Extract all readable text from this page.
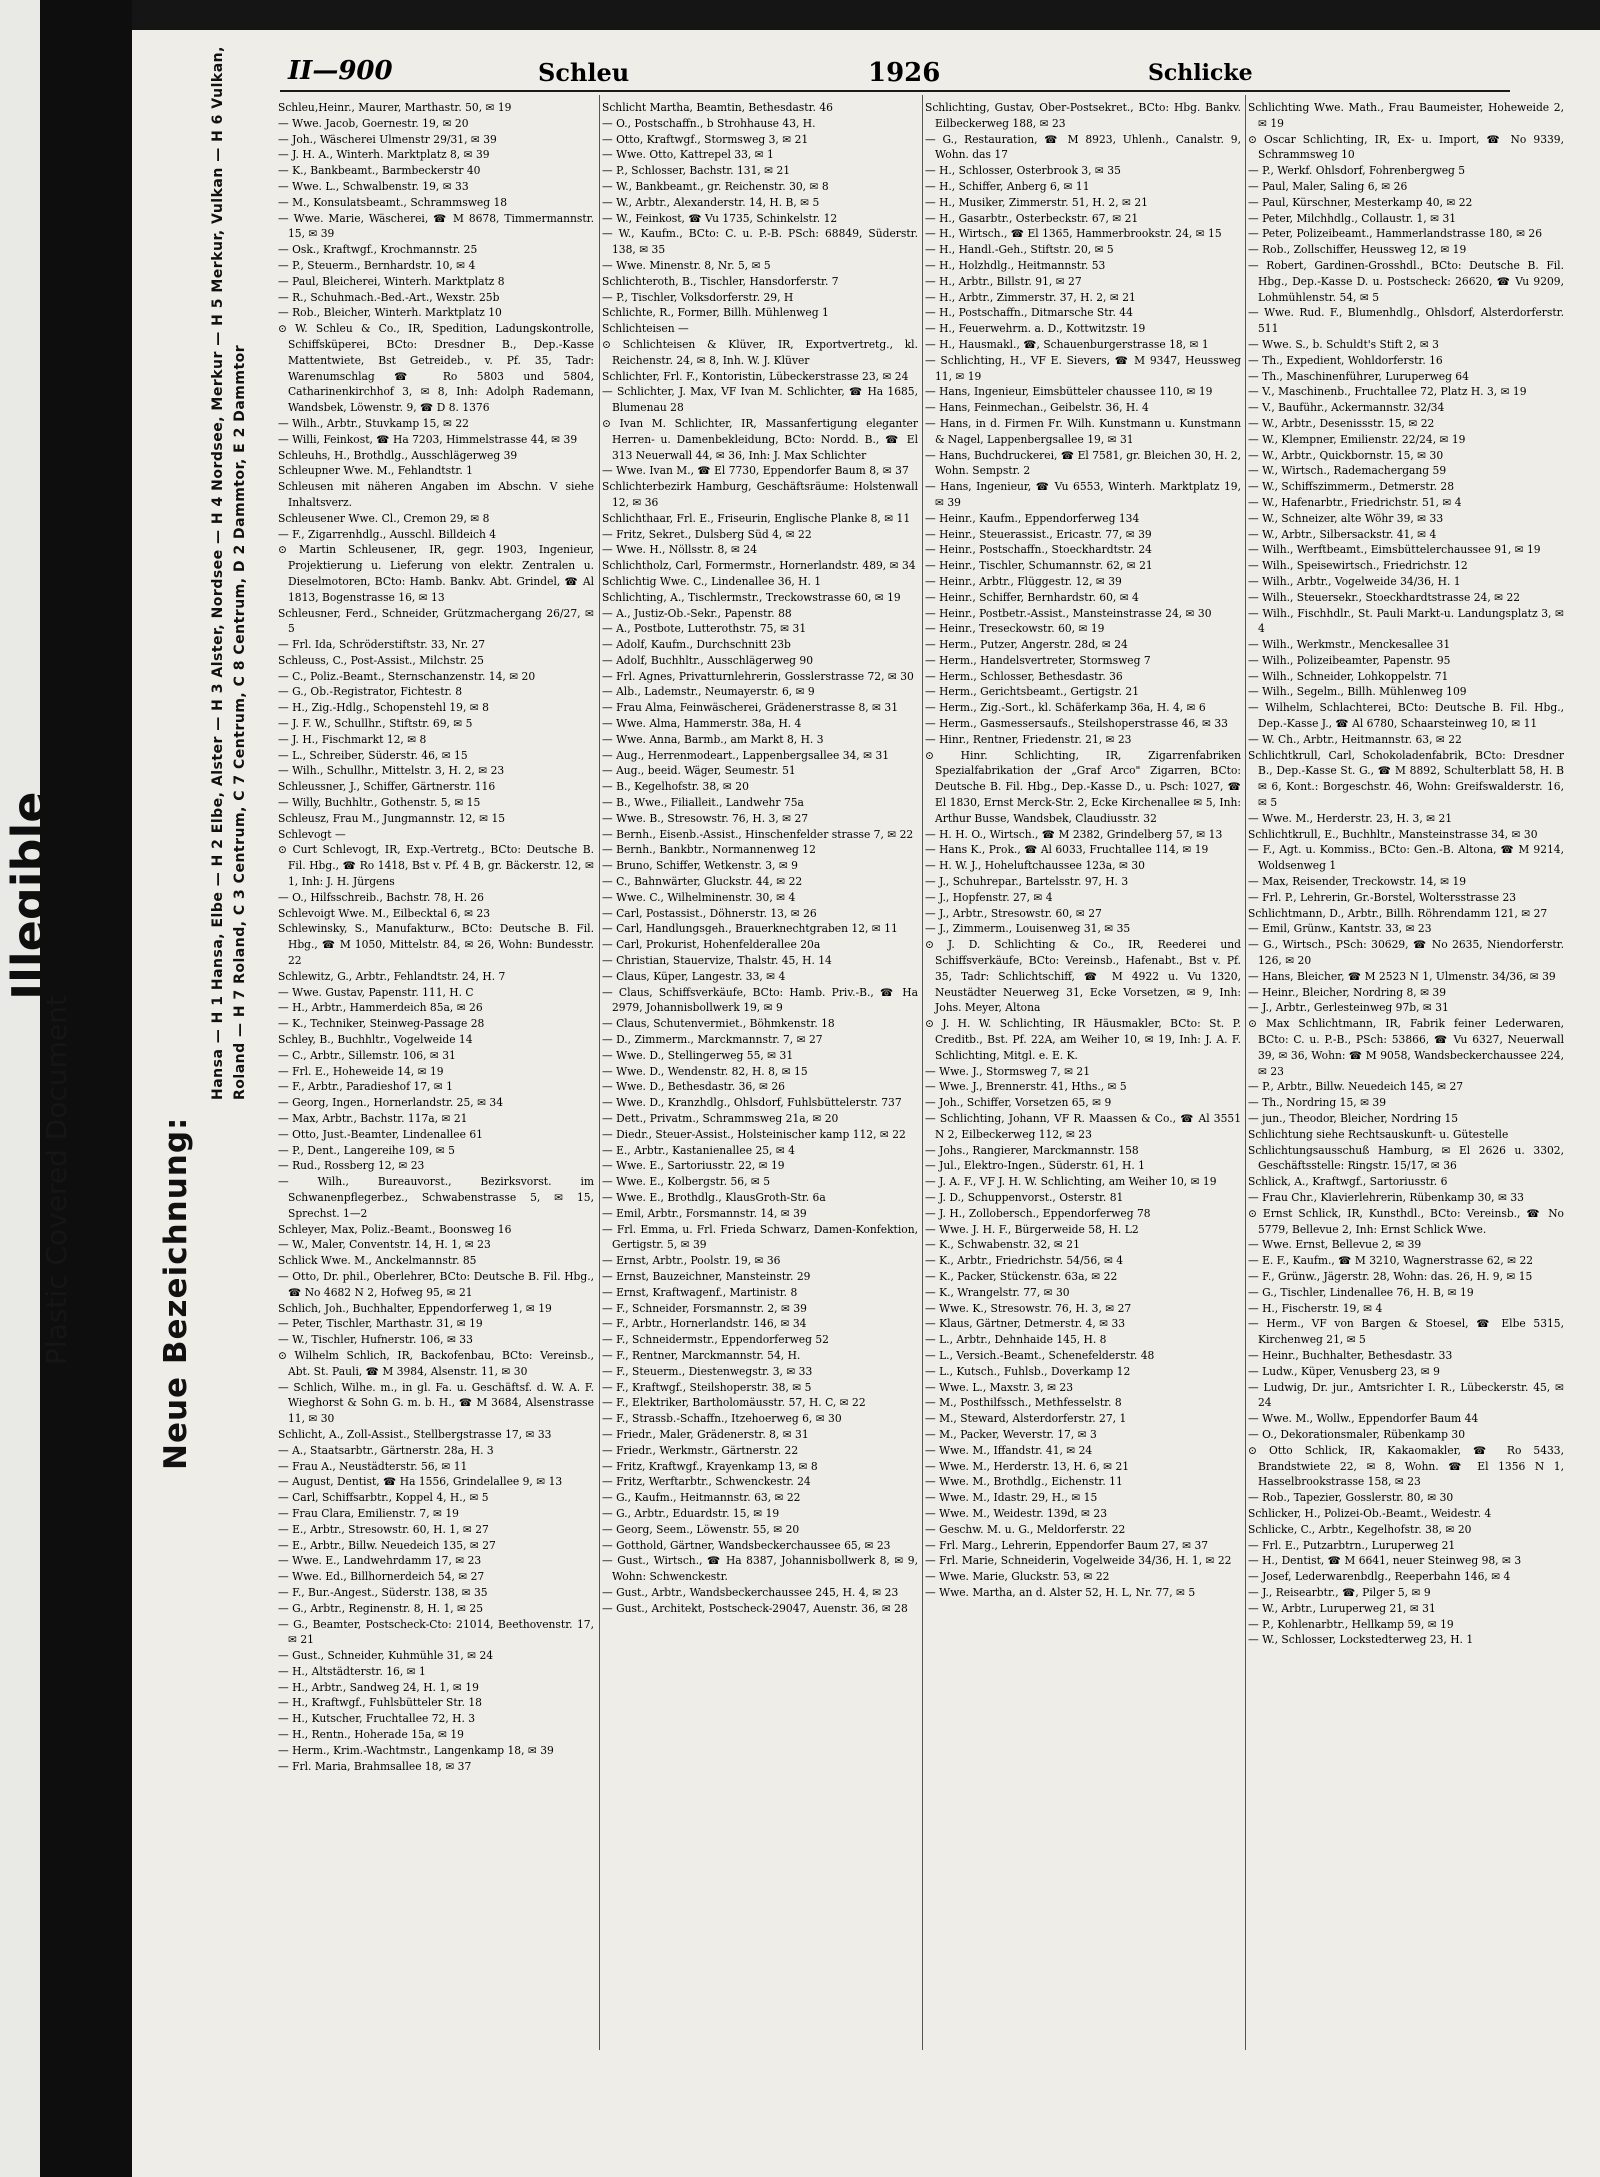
Illegible
Plastic Covered Document	Neue Bezeichnung:
Hansa — H 1 Hansa, Elbe — H 2 Elbe, Alster — H 3 Alster, Nordsee — H 4 Nordsee, Merkur — H 5 Merkur, Vulkan — H 6 Vulkan, Roland — H 7 Roland, C 3 Centrum, C 7 Centrum, C 8 Centrum, D 2 Dammtor, E 2 Dammtor
II—900	Schleu	1926	Schlicke

Schleu,Heinr., Maurer, Marthastr. 50, ✉ 19

— Wwe. Jacob, Goernestr. 19, ✉ 20

— Joh., Wäscherei Ulmenstr 29/31, ✉ 39

— J. H. A., Winterh. Marktplatz 8, ✉ 39

— K., Bankbeamt., Barmbeckerstr 40

— Wwe. L., Schwalbenstr. 19, ✉ 33

— M., Konsulatsbeamt., Schrammsweg 18

— Wwe. Marie, Wäscherei, ☎ M 8678, Timmermannstr. 15, ✉ 39

— Osk., Kraftwgf., Krochmannstr. 25

— P., Steuerm., Bernhardstr. 10, ✉ 4

— Paul, Bleicherei, Winterh. Marktplatz 8

— R., Schuhmach.-Bed.-Art., Wexstr. 25b

— Rob., Bleicher, Winterh. Marktplatz 10

⊙ W. Schleu & Co., IR, Spedition, Ladungskontrolle, Schiffsküperei, BCto: Dresdner B., Dep.-Kasse Mattentwiete, Bst Getreideb., v. Pf. 35, Tadr: Warenumschlag ☎ Ro 5803 und 5804, Catharinenkirchhof 3, ✉ 8, Inh: Adolph Rademann, Wandsbek, Löwenstr. 9, ☎ D 8. 1376

— Wilh., Arbtr., Stuvkamp 15, ✉ 22

— Willi, Feinkost, ☎ Ha 7203, Himmelstrasse 44, ✉ 39

Schleuhs, H., Brothdlg., Ausschlägerweg 39

Schleupner Wwe. M., Fehlandtstr. 1

Schleusen mit näheren Angaben im Abschn. V siehe Inhaltsverz.

Schleusener Wwe. Cl., Cremon 29, ✉ 8

— F., Zigarrenhdlg., Ausschl. Billdeich 4

⊙ Martin Schleusener, IR, gegr. 1903, Ingenieur, Projektierung u. Lieferung von elektr. Zentralen u. Dieselmotoren, BCto: Hamb. Bankv. Abt. Grindel, ☎ Al 1813, Bogenstrasse 16, ✉ 13

Schleusner, Ferd., Schneider, Grützmachergang 26/27, ✉ 5

— Frl. Ida, Schröderstiftstr. 33, Nr. 27

Schleuss, C., Post-Assist., Milchstr. 25

— C., Poliz.-Beamt., Sternschanzenstr. 14, ✉ 20

— G., Ob.-Registrator, Fichtestr. 8

— H., Zig.-Hdlg., Schopenstehl 19, ✉ 8

— J. F. W., Schullhr., Stiftstr. 69, ✉ 5

— J. H., Fischmarkt 12, ✉ 8

— L., Schreiber, Süderstr. 46, ✉ 15

— Wilh., Schullhr., Mittelstr. 3, H. 2, ✉ 23

Schleussner, J., Schiffer, Gärtnerstr. 116

— Willy, Buchhltr., Gothenstr. 5, ✉ 15

Schleusz, Frau M., Jungmannstr. 12, ✉ 15

Schlevogt —

⊙ Curt Schlevogt, IR, Exp.-Vertretg., BCto: Deutsche B. Fil. Hbg., ☎ Ro 1418, Bst v. Pf. 4 B, gr. Bäckerstr. 12, ✉ 1, Inh: J. H. Jürgens

— O., Hilfsschreib., Bachstr. 78, H. 26

Schlevoigt Wwe. M., Eilbecktal 6, ✉ 23

Schlewinsky, S., Manufakturw., BCto: Deutsche B. Fil. Hbg., ☎ M 1050, Mittelstr. 84, ✉ 26, Wohn: Bundesstr. 22

Schlewitz, G., Arbtr., Fehlandtstr. 24, H. 7

— Wwe. Gustav, Papenstr. 111, H. C

— H., Arbtr., Hammerdeich 85a, ✉ 26

— K., Techniker, Steinweg-Passage 28

Schley, B., Buchhltr., Vogelweide 14

— C., Arbtr., Sillemstr. 106, ✉ 31

— Frl. E., Hoheweide 14, ✉ 19

— F., Arbtr., Paradieshof 17, ✉ 1

— Georg, Ingen., Hornerlandstr. 25, ✉ 34

— Max, Arbtr., Bachstr. 117a, ✉ 21

— Otto, Just.-Beamter, Lindenallee 61

— P., Dent., Langereihe 109, ✉ 5

— Rud., Rossberg 12, ✉ 23

— Wilh., Bureauvorst., Bezirksvorst. im Schwanenpflegerbez., Schwabenstrasse 5, ✉ 15, Sprechst. 1—2

Schleyer, Max, Poliz.-Beamt., Boonsweg 16

— W., Maler, Conventstr. 14, H. 1, ✉ 23

Schlick Wwe. M., Anckelmannstr. 85

— Otto, Dr. phil., Oberlehrer, BCto: Deutsche B. Fil. Hbg., ☎ No 4682 N 2, Hofweg 95, ✉ 21

Schlich, Joh., Buchhalter, Eppendorferweg 1, ✉ 19

— Peter, Tischler, Marthastr. 31, ✉ 19

— W., Tischler, Hufnerstr. 106, ✉ 33

⊙ Wilhelm Schlich, IR, Backofenbau, BCto: Vereinsb., Abt. St. Pauli, ☎ M 3984, Alsenstr. 11, ✉ 30

— Schlich, Wilhe. m., in gl. Fa. u. Geschäftsf. d. W. A. F. Wieghorst & Sohn G. m. b. H., ☎ M 3684, Alsenstrasse 11, ✉ 30

Schlicht, A., Zoll-Assist., Stellbergstrasse 17, ✉ 33

— A., Staatsarbtr., Gärtnerstr. 28a, H. 3

— Frau A., Neustädterstr. 56, ✉ 11

— August, Dentist, ☎ Ha 1556, Grindelallee 9, ✉ 13

— Carl, Schiffsarbtr., Koppel 4, H., ✉ 5

— Frau Clara, Emilienstr. 7, ✉ 19

— E., Arbtr., Stresowstr. 60, H. 1, ✉ 27

— E., Arbtr., Billw. Neuedeich 135, ✉ 27

— Wwe. E., Landwehrdamm 17, ✉ 23

— Wwe. Ed., Billhornerdeich 54, ✉ 27

— F., Bur.-Angest., Süderstr. 138, ✉ 35

— G., Arbtr., Reginenstr. 8, H. 1, ✉ 25

— G., Beamter, Postscheck-Cto: 21014, Beethovenstr. 17, ✉ 21

— Gust., Schneider, Kuhmühle 31, ✉ 24

— H., Altstädterstr. 16, ✉ 1

— H., Arbtr., Sandweg 24, H. 1, ✉ 19

— H., Kraftwgf., Fuhlsbütteler Str. 18

— H., Kutscher, Fruchtallee 72, H. 3

— H., Rentn., Hoherade 15a, ✉ 19

— Herm., Krim.-Wachtmstr., Langenkamp 18, ✉ 39

— Frl. Maria, Brahmsallee 18, ✉ 37

Schlicht Martha, Beamtin, Bethesdastr. 46

— O., Postschaffn., b Strohhause 43, H.

— Otto, Kraftwgf., Stormsweg 3, ✉ 21

— Wwe. Otto, Kattrepel 33, ✉ 1

— P., Schlosser, Bachstr. 131, ✉ 21

— W., Bankbeamt., gr. Reichenstr. 30, ✉ 8

— W., Arbtr., Alexanderstr. 14, H. B, ✉ 5

— W., Feinkost, ☎ Vu 1735, Schinkelstr. 12

— W., Kaufm., BCto: C. u. P.-B. PSch: 68849, Süderstr. 138, ✉ 35

— Wwe. Minenstr. 8, Nr. 5, ✉ 5

Schlichteroth, B., Tischler, Hansdorferstr. 7

— P., Tischler, Volksdorferstr. 29, H

Schlichte, R., Former, Billh. Mühlenweg 1

Schlichteisen —

⊙ Schlichteisen & Klüver, IR, Exportvertretg., kl. Reichenstr. 24, ✉ 8, Inh. W. J. Klüver

Schlichter, Frl. F., Kontoristin, Lübeckerstrasse 23, ✉ 24

— Schlichter, J. Max, VF Ivan M. Schlichter, ☎ Ha 1685, Blumenau 28

⊙ Ivan M. Schlichter, IR, Massanfertigung eleganter Herren- u. Damenbekleidung, BCto: Nordd. B., ☎ El 313 Neuerwall 44, ✉ 36, Inh: J. Max Schlichter

— Wwe. Ivan M., ☎ El 7730, Eppendorfer Baum 8, ✉ 37

Schlichterbezirk Hamburg, Geschäftsräume: Holstenwall 12, ✉ 36

Schlichthaar, Frl. E., Friseurin, Englische Planke 8, ✉ 11

— Fritz, Sekret., Dulsberg Süd 4, ✉ 22

— Wwe. H., Nöllsstr. 8, ✉ 24

Schlichtholz, Carl, Formermstr., Hornerlandstr. 489, ✉ 34

Schlichtig Wwe. C., Lindenallee 36, H. 1

Schlichting, A., Tischlermstr., Treckowstrasse 60, ✉ 19

— A., Justiz-Ob.-Sekr., Papenstr. 88

— A., Postbote, Lutterothstr. 75, ✉ 31

— Adolf, Kaufm., Durchschnitt 23b

— Adolf, Buchhltr., Ausschlägerweg 90

— Frl. Agnes, Privatturnlehrerin, Gosslerstrasse 72, ✉ 30

— Alb., Lademstr., Neumayerstr. 6, ✉ 9

— Frau Alma, Feinwäscherei, Grädenerstrasse 8, ✉ 31

— Wwe. Alma, Hammerstr. 38a, H. 4

— Wwe. Anna, Barmb., am Markt 8, H. 3

— Aug., Herrenmodeart., Lappenbergsallee 34, ✉ 31

— Aug., beeid. Wäger, Seumestr. 51

— B., Kegelhofstr. 38, ✉ 20

— B., Wwe., Filialleit., Landwehr 75a

— Wwe. B., Stresowstr. 76, H. 3, ✉ 27

— Bernh., Eisenb.-Assist., Hinschenfelder strasse 7, ✉ 22

— Bernh., Bankbtr., Normannenweg 12

— Bruno, Schiffer, Wetkenstr. 3, ✉ 9

— C., Bahnwärter, Gluckstr. 44, ✉ 22

— Wwe. C., Wilhelminenstr. 30, ✉ 4

— Carl, Postassist., Döhnerstr. 13, ✉ 26

— Carl, Handlungsgeh., Brauerknechtgraben 12, ✉ 11

— Carl, Prokurist, Hohenfelderallee 20a

— Christian, Stauervize, Thalstr. 45, H. 14

— Claus, Küper, Langestr. 33, ✉ 4

— Claus, Schiffsverkäufe, BCto: Hamb. Priv.-B., ☎ Ha 2979, Johannisbollwerk 19, ✉ 9

— Claus, Schutenvermiet., Böhmkenstr. 18

— D., Zimmerm., Marckmannstr. 7, ✉ 27

— Wwe. D., Stellingerweg 55, ✉ 31

— Wwe. D., Wendenstr. 82, H. 8, ✉ 15

— Wwe. D., Bethesdastr. 36, ✉ 26

— Wwe. D., Kranzhdlg., Ohlsdorf, Fuhlsbüttelerstr. 737

— Dett., Privatm., Schrammsweg 21a, ✉ 20

— Diedr., Steuer-Assist., Holsteinischer kamp 112, ✉ 22

— E., Arbtr., Kastanienallee 25, ✉ 4

— Wwe. E., Sartoriusstr. 22, ✉ 19

— Wwe. E., Kolbergstr. 56, ✉ 5

— Wwe. E., Brothdlg., KlausGroth-Str. 6a

— Emil, Arbtr., Forsmannstr. 14, ✉ 39

— Frl. Emma, u. Frl. Frieda Schwarz, Damen-Konfektion, Gertigstr. 5, ✉ 39

— Ernst, Arbtr., Poolstr. 19, ✉ 36

— Ernst, Bauzeichner, Mansteinstr. 29

— Ernst, Kraftwagenf., Martinistr. 8

— F., Schneider, Forsmannstr. 2, ✉ 39

— F., Arbtr., Hornerlandstr. 146, ✉ 34

— F., Schneidermstr., Eppendorferweg 52

— F., Rentner, Marckmannstr. 54, H.

— F., Steuerm., Diestenwegstr. 3, ✉ 33

— F., Kraftwgf., Steilshoperstr. 38, ✉ 5

— F., Elektriker, Bartholomäusstr. 57, H. C, ✉ 22

— F., Strassb.-Schaffn., Itzehoerweg 6, ✉ 30

— Friedr., Maler, Grädenerstr. 8, ✉ 31

— Friedr., Werkmstr., Gärtnerstr. 22

— Fritz, Kraftwgf., Krayenkamp 13, ✉ 8

— Fritz, Werftarbtr., Schwenckestr. 24

— G., Kaufm., Heitmannstr. 63, ✉ 22

— G., Arbtr., Eduardstr. 15, ✉ 19

— Georg, Seem., Löwenstr. 55, ✉ 20

— Gotthold, Gärtner, Wandsbeckerchaussee 65, ✉ 23

— Gust., Wirtsch., ☎ Ha 8387, Johannisbollwerk 8, ✉ 9, Wohn: Schwenckestr.

— Gust., Arbtr., Wandsbeckerchaussee 245, H. 4, ✉ 23

— Gust., Architekt, Postscheck-29047, Auenstr. 36, ✉ 28

Schlichting, Gustav, Ober-Postsekret., BCto: Hbg. Bankv. Eilbeckerweg 188, ✉ 23

— G., Restauration, ☎ M 8923, Uhlenh., Canalstr. 9, Wohn. das 17

— H., Schlosser, Osterbrook 3, ✉ 35

— H., Schiffer, Anberg 6, ✉ 11

— H., Musiker, Zimmerstr. 51, H. 2, ✉ 21

— H., Gasarbtr., Osterbeckstr. 67, ✉ 21

— H., Wirtsch., ☎ El 1365, Hammerbrookstr. 24, ✉ 15

— H., Handl.-Geh., Stiftstr. 20, ✉ 5

— H., Holzhdlg., Heitmannstr. 53

— H., Arbtr., Billstr. 91, ✉ 27

— H., Arbtr., Zimmerstr. 37, H. 2, ✉ 21

— H., Postschaffn., Ditmarsche Str. 44

— H., Feuerwehrm. a. D., Kottwitzstr. 19

— H., Hausmakl., ☎, Schauenburgerstrasse 18, ✉ 1

— Schlichting, H., VF E. Sievers, ☎ M 9347, Heussweg 11, ✉ 19

— Hans, Ingenieur, Eimsbütteler chaussee 110, ✉ 19

— Hans, Feinmechan., Geibelstr. 36, H. 4

— Hans, in d. Firmen Fr. Wilh. Kunstmann u. Kunstmann & Nagel, Lappenbergsallee 19, ✉ 31

— Hans, Buchdruckerei, ☎ El 7581, gr. Bleichen 30, H. 2, Wohn. Sempstr. 2

— Hans, Ingenieur, ☎ Vu 6553, Winterh. Marktplatz 19, ✉ 39

— Heinr., Kaufm., Eppendorferweg 134

— Heinr., Steuerassist., Ericastr. 77, ✉ 39

— Heinr., Postschaffn., Stoeckhardtstr. 24

— Heinr., Tischler, Schumannstr. 62, ✉ 21

— Heinr., Arbtr., Flüggestr. 12, ✉ 39

— Heinr., Schiffer, Bernhardstr. 60, ✉ 4

— Heinr., Postbetr.-Assist., Mansteinstrasse 24, ✉ 30

— Heinr., Treseckowstr. 60, ✉ 19

— Herm., Putzer, Angerstr. 28d, ✉ 24

— Herm., Handelsvertreter, Stormsweg 7

— Herm., Schlosser, Bethesdastr. 36

— Herm., Gerichtsbeamt., Gertigstr. 21

— Herm., Zig.-Sort., kl. Schäferkamp 36a, H. 4, ✉ 6

— Herm., Gasmessersaufs., Steilshoperstrasse 46, ✉ 33

— Hinr., Rentner, Friedenstr. 21, ✉ 23

⊙ Hinr. Schlichting, IR, Zigarrenfabriken Spezialfabrikation der „Graf Arco" Zigarren, BCto: Deutsche B. Fil. Hbg., Dep.-Kasse D., u. Psch: 1027, ☎ El 1830, Ernst Merck-Str. 2, Ecke Kirchenallee ✉ 5, Inh: Arthur Busse, Wandsbek, Claudiusstr. 32

— H. H. O., Wirtsch., ☎ M 2382, Grindelberg 57, ✉ 13

— Hans K., Prok., ☎ Al 6033, Fruchtallee 114, ✉ 19

— H. W. J., Hoheluftchaussee 123a, ✉ 30

— J., Schuhrepar., Bartelsstr. 97, H. 3

— J., Hopfenstr. 27, ✉ 4

— J., Arbtr., Stresowstr. 60, ✉ 27

— J., Zimmerm., Louisenweg 31, ✉ 35

⊙ J. D. Schlichting & Co., IR, Reederei und Schiffsverkäufe, BCto: Vereinsb., Hafenabt., Bst v. Pf. 35, Tadr: Schlichtschiff, ☎ M 4922 u. Vu 1320, Neustädter Neuerweg 31, Ecke Vorsetzen, ✉ 9, Inh: Johs. Meyer, Altona

⊙ J. H. W. Schlichting, IR Häusmakler, BCto: St. P. Creditb., Bst. Pf. 22A, am Weiher 10, ✉ 19, Inh: J. A. F. Schlichting, Mitgl. e. E. K.

— Wwe. J., Stormsweg 7, ✉ 21

— Wwe. J., Brennerstr. 41, Hths., ✉ 5

— Joh., Schiffer, Vorsetzen 65, ✉ 9

— Schlichting, Johann, VF R. Maassen & Co., ☎ Al 3551 N 2, Eilbeckerweg 112, ✉ 23

— Johs., Rangierer, Marckmannstr. 158

— Jul., Elektro-Ingen., Süderstr. 61, H. 1

— J. A. F., VF J. H. W. Schlichting, am Weiher 10, ✉ 19

— J. D., Schuppenvorst., Osterstr. 81

— J. H., Zollobersch., Eppendorferweg 78

— Wwe. J. H. F., Bürgerweide 58, H. L2

— K., Schwabenstr. 32, ✉ 21

— K., Arbtr., Friedrichstr. 54/56, ✉ 4

— K., Packer, Stückenstr. 63a, ✉ 22

— K., Wrangelstr. 77, ✉ 30

— Wwe. K., Stresowstr. 76, H. 3, ✉ 27

— Klaus, Gärtner, Detmerstr. 4, ✉ 33

— L., Arbtr., Dehnhaide 145, H. 8

— L., Versich.-Beamt., Schenefelderstr. 48

— L., Kutsch., Fuhlsb., Doverkamp 12

— Wwe. L., Maxstr. 3, ✉ 23

— M., Posthilfssch., Methfesselstr. 8

— M., Steward, Alsterdorferstr. 27, 1

— M., Packer, Weverstr. 17, ✉ 3

— Wwe. M., Iffandstr. 41, ✉ 24

— Wwe. M., Herderstr. 13, H. 6, ✉ 21

— Wwe. M., Brothdlg., Eichenstr. 11

— Wwe. M., Idastr. 29, H., ✉ 15

— Wwe. M., Weidestr. 139d, ✉ 23

— Geschw. M. u. G., Meldorferstr. 22

— Frl. Marg., Lehrerin, Eppendorfer Baum 27, ✉ 37

— Frl. Marie, Schneiderin, Vogelweide 34/36, H. 1, ✉ 22

— Wwe. Marie, Gluckstr. 53, ✉ 22

— Wwe. Martha, an d. Alster 52, H. L, Nr. 77, ✉ 5

Schlichting Wwe. Math., Frau Baumeister, Hoheweide 2, ✉ 19

⊙ Oscar Schlichting, IR, Ex- u. Import, ☎ No 9339, Schrammsweg 10

— P., Werkf. Ohlsdorf, Fohrenbergweg 5

— Paul, Maler, Saling 6, ✉ 26

— Paul, Kürschner, Mesterkamp 40, ✉ 22

— Peter, Milchhdlg., Collaustr. 1, ✉ 31

— Peter, Polizeibeamt., Hammerlandstrasse 180, ✉ 26

— Rob., Zollschiffer, Heussweg 12, ✉ 19

— Robert, Gardinen-Grosshdl., BCto: Deutsche B. Fil. Hbg., Dep.-Kasse D. u. Postscheck: 26620, ☎ Vu 9209, Lohmühlenstr. 54, ✉ 5

— Wwe. Rud. F., Blumenhdlg., Ohlsdorf, Alsterdorferstr. 511

— Wwe. S., b. Schuldt's Stift 2, ✉ 3

— Th., Expedient, Wohldorferstr. 16

— Th., Maschinenführer, Luruperweg 64

— V., Maschinenb., Fruchtallee 72, Platz H. 3, ✉ 19

— V., Bauführ., Ackermannstr. 32/34

— W., Arbtr., Desenissstr. 15, ✉ 22

— W., Klempner, Emilienstr. 22/24, ✉ 19

— W., Arbtr., Quickbornstr. 15, ✉ 30

— W., Wirtsch., Rademachergang 59

— W., Schiffszimmerm., Detmerstr. 28

— W., Hafenarbtr., Friedrichstr. 51, ✉ 4

— W., Schneizer, alte Wöhr 39, ✉ 33

— W., Arbtr., Silbersackstr. 41, ✉ 4

— Wilh., Werftbeamt., Eimsbüttelerchaussee 91, ✉ 19

— Wilh., Speisewirtsch., Friedrichstr. 12

— Wilh., Arbtr., Vogelweide 34/36, H. 1

— Wilh., Steuersekr., Stoeckhardtstrasse 24, ✉ 22

— Wilh., Fischhdlr., St. Pauli Markt-u. Landungsplatz 3, ✉ 4

— Wilh., Werkmstr., Menckesallee 31

— Wilh., Polizeibeamter, Papenstr. 95

— Wilh., Schneider, Lohkoppelstr. 71

— Wilh., Segelm., Billh. Mühlenweg 109

— Wilhelm, Schlachterei, BCto: Deutsche B. Fil. Hbg., Dep.-Kasse J., ☎ Al 6780, Schaarsteinweg 10, ✉ 11

— W. Ch., Arbtr., Heitmannstr. 63, ✉ 22

Schlichtkrull, Carl, Schokoladenfabrik, BCto: Dresdner B., Dep.-Kasse St. G., ☎ M 8892, Schulterblatt 58, H. B ✉ 6, Kont.: Borgeschstr. 46, Wohn: Greifswalderstr. 16, ✉ 5

— Wwe. M., Herderstr. 23, H. 3, ✉ 21

Schlichtkrull, E., Buchhltr., Mansteinstrasse 34, ✉ 30

— F., Agt. u. Kommiss., BCto: Gen.-B. Altona, ☎ M 9214, Woldsenweg 1

— Max, Reisender, Treckowstr. 14, ✉ 19

— Frl. P., Lehrerin, Gr.-Borstel, Woltersstrasse 23

Schlichtmann, D., Arbtr., Billh. Röhrendamm 121, ✉ 27

— Emil, Grünw., Kantstr. 33, ✉ 23

— G., Wirtsch., PSch: 30629, ☎ No 2635, Niendorferstr. 126, ✉ 20

— Hans, Bleicher, ☎ M 2523 N 1, Ulmenstr. 34/36, ✉ 39

— Heinr., Bleicher, Nordring 8, ✉ 39

— J., Arbtr., Gerlesteinweg 97b, ✉ 31

⊙ Max Schlichtmann, IR, Fabrik feiner Lederwaren, BCto: C. u. P.-B., PSch: 53866, ☎ Vu 6327, Neuerwall 39, ✉ 36, Wohn: ☎ M 9058, Wandsbeckerchaussee 224, ✉ 23

— P., Arbtr., Billw. Neuedeich 145, ✉ 27

— Th., Nordring 15, ✉ 39

— jun., Theodor, Bleicher, Nordring 15

Schlichtung siehe Rechtsauskunft- u. Gütestelle

Schlichtungsausschuß Hamburg, ✉ El 2626 u. 3302, Geschäftsstelle: Ringstr. 15/17, ✉ 36

Schlick, A., Kraftwgf., Sartoriusstr. 6

— Frau Chr., Klavierlehrerin, Rübenkamp 30, ✉ 33

⊙ Ernst Schlick, IR, Kunsthdl., BCto: Vereinsb., ☎ No 5779, Bellevue 2, Inh: Ernst Schlick Wwe.

— Wwe. Ernst, Bellevue 2, ✉ 39

— E. F., Kaufm., ☎ M 3210, Wagnerstrasse 62, ✉ 22

— F., Grünw., Jägerstr. 28, Wohn: das. 26, H. 9, ✉ 15

— G., Tischler, Lindenallee 76, H. B, ✉ 19

— H., Fischerstr. 19, ✉ 4

— Herm., VF von Bargen & Stoesel, ☎ Elbe 5315, Kirchenweg 21, ✉ 5

— Heinr., Buchhalter, Bethesdastr. 33

— Ludw., Küper, Venusberg 23, ✉ 9

— Ludwig, Dr. jur., Amtsrichter I. R., Lübeckerstr. 45, ✉ 24

— Wwe. M., Wollw., Eppendorfer Baum 44

— O., Dekorationsmaler, Rübenkamp 30

⊙ Otto Schlick, IR, Kakaomakler, ☎ Ro 5433, Brandstwiete 22, ✉ 8, Wohn. ☎ El 1356 N 1, Hasselbrookstrasse 158, ✉ 23

— Rob., Tapezier, Gosslerstr. 80, ✉ 30

Schlicker, H., Polizei-Ob.-Beamt., Weidestr. 4

Schlicke, C., Arbtr., Kegelhofstr. 38, ✉ 20

— Frl. E., Putzarbtrn., Luruperweg 21

— H., Dentist, ☎ M 6641, neuer Steinweg 98, ✉ 3

— Josef, Lederwarenbdlg., Reeperbahn 146, ✉ 4

— J., Reisearbtr., ☎, Pilger 5, ✉ 9

— W., Arbtr., Luruperweg 21, ✉ 31

— P., Kohlenarbtr., Hellkamp 59, ✉ 19

— W., Schlosser, Lockstedterweg 23, H. 1
